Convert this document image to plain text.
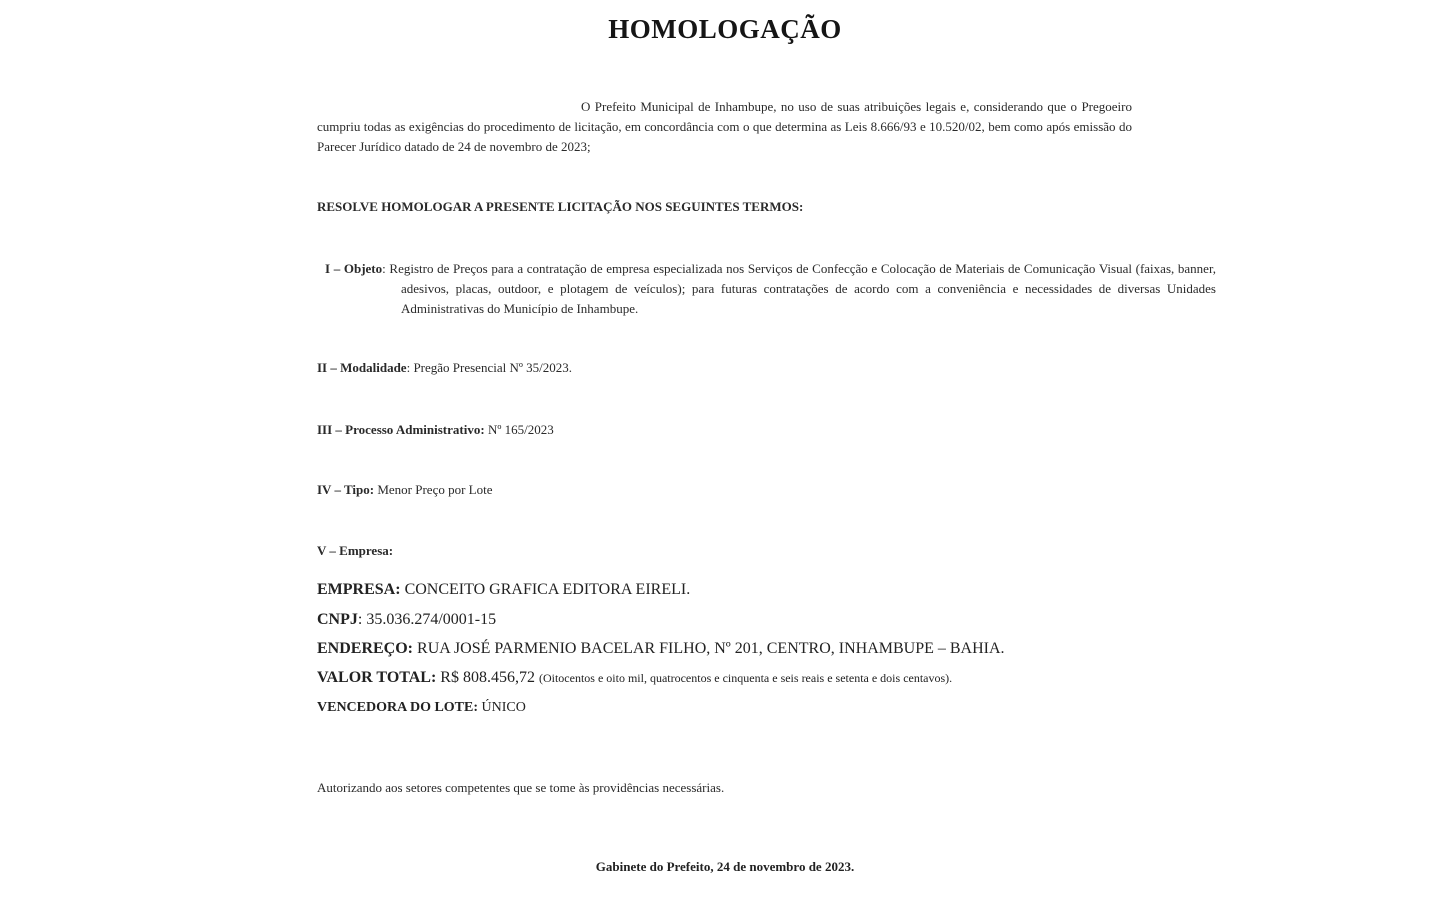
HOMOLOGAÇÃO
O Prefeito Municipal de Inhambupe, no uso de suas atribuições legais e, considerando que o Pregoeiro cumpriu todas as exigências do procedimento de licitação, em concordância com o que determina as Leis 8.666/93 e 10.520/02, bem como após emissão do Parecer Jurídico datado de 24 de novembro de 2023;
RESOLVE HOMOLOGAR A PRESENTE LICITAÇÃO NOS SEGUINTES TERMOS:
I – Objeto: Registro de Preços para a contratação de empresa especializada nos Serviços de Confecção e Colocação de Materiais de Comunicação Visual (faixas, banner, adesivos, placas, outdoor, e plotagem de veículos); para futuras contratações de acordo com a conveniência e necessidades de diversas Unidades Administrativas do Município de Inhambupe.
II – Modalidade: Pregão Presencial Nº 35/2023.
III – Processo Administrativo: Nº 165/2023
IV – Tipo: Menor Preço por Lote
V – Empresa:
EMPRESA: CONCEITO GRAFICA EDITORA EIRELI.
CNPJ: 35.036.274/0001-15
ENDEREÇO: RUA JOSÉ PARMENIO BACELAR FILHO, Nº 201, CENTRO, INHAMBUPE – BAHIA.
VALOR TOTAL: R$ 808.456,72 (Oitocentos e oito mil, quatrocentos e cinquenta e seis reais e setenta e dois centavos).
VENCEDORA DO LOTE: ÚNICO
Autorizando aos setores competentes que se tome às providências necessárias.
Gabinete do Prefeito, 24 de novembro de 2023.
